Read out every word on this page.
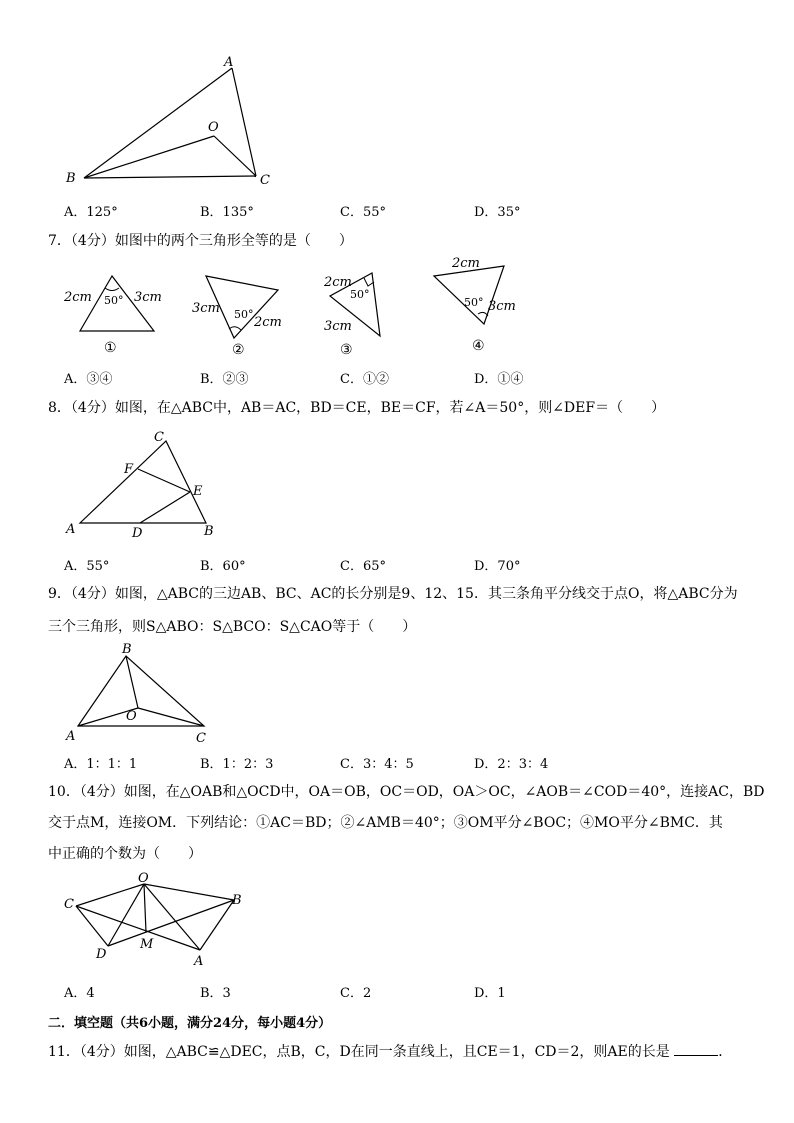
A
O
B	C
A．125°	B．135°	C．55°	D．35°
7．（4分）如图中的两个三角形全等的是（　　）
2cm	3cm
50°
①
3cm
2cm
50°
②
2cm
3cm
50°
③
2cm
3cm
50°
④
A．③④	B．②③	C．①②	D．①④
8．（4分）如图，在△ABC中，AB＝AC，BD＝CE，BE＝CF，若∠A＝50°，则∠DEF＝（　　）
C
F
E
A	D	B
A．55°	B．60°	C．65°	D．70°
9．（4分）如图，△ABC的三边AB、BC、AC的长分别是9、12、15．其三条角平分线交于点O，将△ABC分为
三个三角形，则S△ABO：S△BCO：S△CAO等于（　　）
B
O
A	C
A．1：1：1	B．1：2：3	C．3：4：5	D．2：3：4
10．（4分）如图，在△OAB和△OCD中，OA＝OB，OC＝OD，OA＞OC，∠AOB＝∠COD＝40°，连接AC，BD
交于点M，连接OM．下列结论：①AC＝BD；②∠AMB＝40°；③OM平分∠BOC；④MO平分∠BMC．其
中正确的个数为（　　）
O
C	B
D
M
A
A．4	B．3	C．2	D．1
二．填空题（共6小题，满分24分，每小题4分）
11．（4分）如图，△ABC≌△DEC，点B，C，D在同一条直线上，且CE＝1，CD＝2，则AE的长是	．
